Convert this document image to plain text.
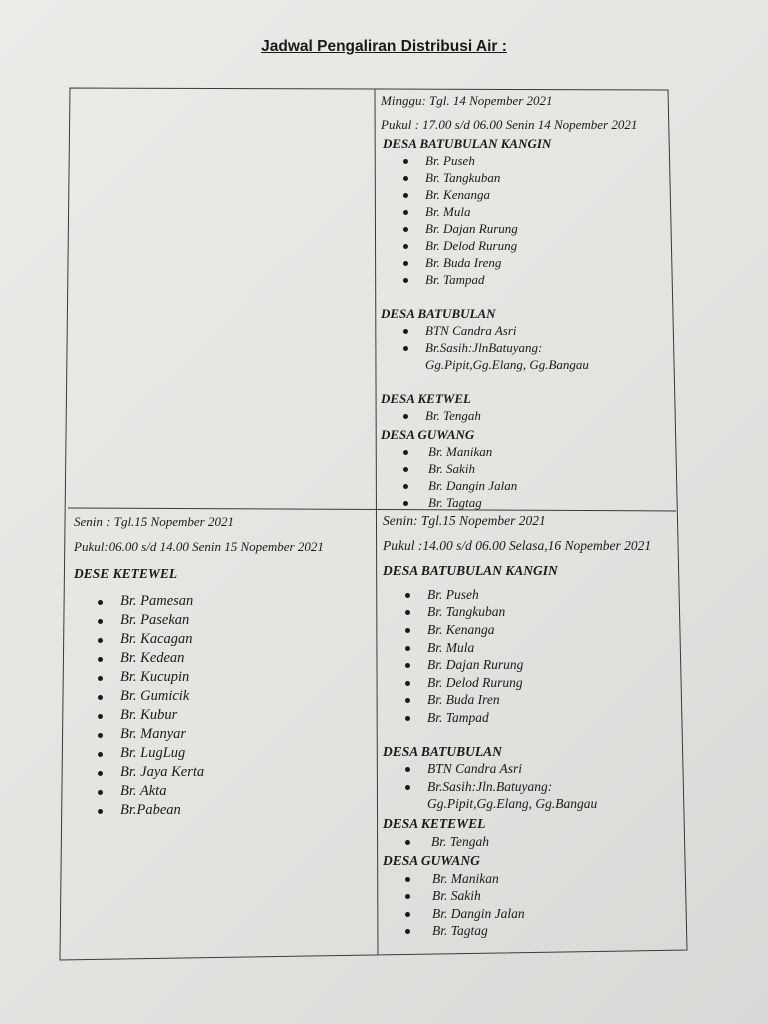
Jadwal Pengaliran Distribusi Air :
Minggu: Tgl. 14 Nopember 2021
Pukul : 17.00 s/d 06.00 Senin 14 Nopember 2021
DESA BATUBULAN KANGIN
Br. Puseh
Br. Tangkuban
Br. Kenanga
Br. Mula
Br. Dajan Rurung
Br. Delod Rurung
Br. Buda Ireng
Br. Tampad
DESA BATUBULAN
BTN Candra Asri
Br.Sasih:JlnBatuyang: Gg.Pipit,Gg.Elang, Gg.Bangau
DESA KETWEL
Br. Tengah
DESA GUWANG
Br. Manikan
Br. Sakih
Br. Dangin Jalan
Br. Tagtag
Senin : Tgl.15 Nopember 2021
Pukul:06.00 s/d 14.00 Senin 15 Nopember 2021
DESE KETEWEL
Br. Pamesan
Br. Pasekan
Br. Kacagan
Br. Kedean
Br. Kucupin
Br. Gumicik
Br. Kubur
Br. Manyar
Br. LugLug
Br. Jaya Kerta
Br. Akta
Br.Pabean
Senin: Tgl.15 Nopember 2021
Pukul :14.00 s/d 06.00 Selasa,16 Nopember 2021
DESA BATUBULAN KANGIN
Br. Puseh
Br. Tangkuban
Br. Kenanga
Br. Mula
Br. Dajan Rurung
Br. Delod Rurung
Br. Buda Iren
Br. Tampad
DESA BATUBULAN
BTN Candra Asri
Br.Sasih:Jln.Batuyang: Gg.Pipit,Gg.Elang, Gg.Bangau
DESA KETEWEL
Br. Tengah
DESA GUWANG
Br. Manikan
Br. Sakih
Br. Dangin Jalan
Br. Tagtag
